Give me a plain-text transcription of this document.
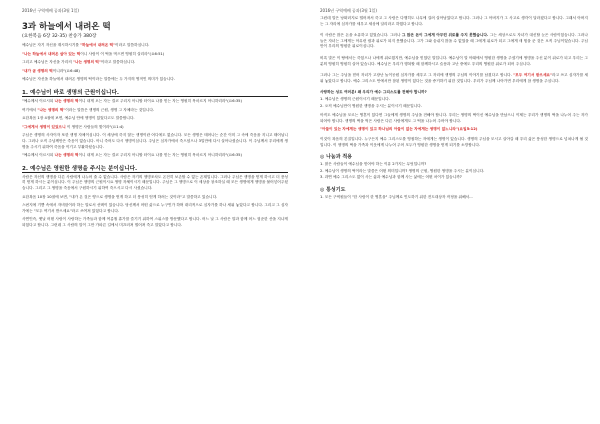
2016년 구역예배 공과(3월 1일)
3과 하늘에서 내려온 떡
(요한복음 6장 32-35) 찬송가 380장
예수님은 자기 자신을 계시하시기를 "하늘에서 내려온 떡"이라고 말씀하십니다.
"나는 하늘에서 내려온 살아 있는 떡이니 사람이 이 떡을 먹으면 영원히 살리라"(요6:51)
그리고 예수님은 자신을 가리켜 "나는 생명의 떡"이라고 말씀하십니다.
"내가 곧 생명의 떡이니라"(요6:48)
예수님은 자신을 하늘에서 내려온 생명의 떡이라는 말씀에는 두 가지의 영적인 의미가 있습니다.
1. 예수님이 바로 생명의 근원이십니다.
"예수께서 이르시되 나는 생명의 떡이니 내게 오는 자는 결코 주리지 아니할 터이요 나를 믿는 자는 영원히 목마르지 아니하리라"(요6:35)
여기에서 "나는 생명의 떡"이라는 말씀은 생명의 근원, 생명 그 자체라는 것입니다.
요한복음 1장 4절에 보면, 예수님 안에 생명이 있었다고도 말씀합니다.
"그에게서 생명이 있었으니 이 생명은 사람들의 빛이라"(요1:4)
주님은 생명의 사자이자 또한 생명 자체이십니다. 이 세상에 죽지 않는 생명이란 어디에도 없습니다. 모든 생명은 태어나는 순간 이미 그 속에 죽음을 지니고 태어납니다. 그러나 오직 주님께만은 죽음이 없습니다. 아니 죽어도 다시 생명이십니다. 주님은 십자가에서 죽으셨으나 3일만에 다시 살아나셨습니다. 이 주님께서 우리에게 생명을 주시기 위하여 죽음을 이기고 부활하셨습니다.
"예수께서 이르시되 나는 생명의 떡이니 내게 오는 자는 결코 주리지 아니할 터이요 나를 믿는 자는 영원히 목마르지 아니하리라"(요6:35)
2. 예수님은 영원한 생명을 주시는 분이십니다.
사람은 자신의 생명을 다른 사람에게 나누어 줄 수 없습니다. 사람은 자기의 생명조차도 온전히 보존할 수 없는 존재입니다. 그러나 주님은 생명을 얻게 하시고 더 풍성히 얻게 하시는 분이십니다. 이 주님은 생명의 근원이시요 생명 자체이시기 때문입니다. 주님은 그 생명으로 이 세상을 창조하실 때 모든 생명에게 생명을 불어넣어주셨습니다. 그리고 그 생명을 죽음에서 구원하시기 위하여 죽으시고 다시 사셨습니다.
요한복음 10장 10절에 보면, "내가 온 것은 양으로 생명을 얻게 하고 더 풍성히 얻게 하려는 것이라"고 말씀하고 있습니다.
스펀지에 기쁨 속에서 자비함이라 하는 말로서 선택이 있습니다. 당신께서 어떤 삶으로 누구인가 하며 대리적으로 십자가를 하나 세워 놓았다고 합니다. 그리고 그 십자가에는 "모두 여기서 받으세요"라고 쓰여져 있었다고 합니다.
사연인즉, 옛날 어떤 사람이 사랑하는 가족들과 함께 여름철 휴가를 즐기기 위하여 스위스를 방문했다고 합니다. 어느 날 그 사람은 말과 함께 어느 험준한 산을 지나게 되었다고 합니다. 그런데 그 사람의 말이 그만 가파른 길에서 미끄러져 떨어져 죽고 말았다고 합니다.
2016년 구역예배 공과(3월 1일)
그런데 말은 낭떠러지로 떨어져서 죽고 그 사람은 다행히도 나무에 걸려 살아남았다고 합니다. 그러나 그 아버지가 그 사고로 생각이 달라졌다고 합니다. 그래서 아버지는 그 자리에 십자가를 세우고 세상에 알리라고 하였다고 합니다.
이 사람은 많은 돈을 소유하고 있었습니다. 그러나 그 많은 돈이 그에게 아무런 위로를 주지 못했습니다. 그는 세상으로도 자녀가 대신할 눈은 사람이었습니다. 그러나 늘은 자녀는 그에게는 아무런 쉼과 위로가 되지 못했습니다. 그가 그와 숨쉬지 않을 수 없었을 때 그에게 위로가 되고 그에게 새 힘을 준 것은 오직 주님이었습니다. 주님만이 우리의 영원한 위로이십니다.
비록 말은 이 땅에서는 죽었으나 나에게 위로였지만, 예수님을 믿었던 말입니다. 예수님이 말 아래에서 영원한 생명을 주셨기에 생명을 주신 분이 위로가 되고 우리는 그 분의 영원히 영원히 살아 있습니다. 예수님은 우리가 행복할 때 함께하시고 슬픔과 고난 중에도 우리의 영원한 위로가 되어 주십니다.
그러나 그는 주님을 믿어 자녀가 고장난 놀이공원 십자가를 세우고 그 자리에 생명의 주님의 이야기를 남겼다고 합니다. "모두 여기서 받으세요"라고 쓰고 십자가를 세워 놓았다고 합니다. 예수 그리스도 안에서만 참된 생명이 있다는 것을 증거하기 위한 것입니다. 우리가 주님께 나아가면 우리에게 참 생명을 주십니다.
사랑하는 성도 여러분! 왜 우리가 예수 그리스도를 전해야 합니까?
1. 예수님은 생명의 근원이시기 때문입니다.
2. 오직 예수님만이 영원한 생명을 주시는 분이시기 때문입니다.
아직도 예수님을 모르는 영혼이 있다면 그들에게 생명의 주님을 전해야 합니다. 우리는 생명의 떡이신 예수님을 만났으니 이제는 우리가 생명의 떡을 나누어 주는 자가 되어야 합니다. 생명의 떡을 먹은 사람은 다른 사람에게도 그 떡을 나누어 주어야 합니다.
"아들이 있는 자에게는 생명이 있고 하나님의 아들이 없는 자에게는 생명이 없느니라"(요일5:12)
이것이 복음의 본질입니다. 누구든지 예수 그리스도를 영접하는 자에게는 생명이 있습니다. 생명의 주님을 모시고 살아갈 때 우리 삶은 풍성한 생명으로 넘쳐나게 될 것입니다. 이 생명의 떡을 가족과 이웃에게 나누어 주어 모두가 영원한 생명을 얻게 되기를 소망합니다.
◎ 나눔과 적용
1. 많은 사람들이 예수님을 믿어야 하는 이유 2가지는 무엇입니까?
2. 예수님이 생명의 떡이라는 말씀은 어떤 의미입니까? 생명의 근원, 영원한 생명을 주시는 분이십니다.
3. 과연 예수 그리스도 없이 사는 삶과 예수님과 함께 사는 삶에는 어떤 차이가 있습니까?
◎ 통성기도
1. 모든 구역원들이 "한 사람이 한 영혼을" 주님께로 인도하기 위한 전도대상자 작정을 위해서...
